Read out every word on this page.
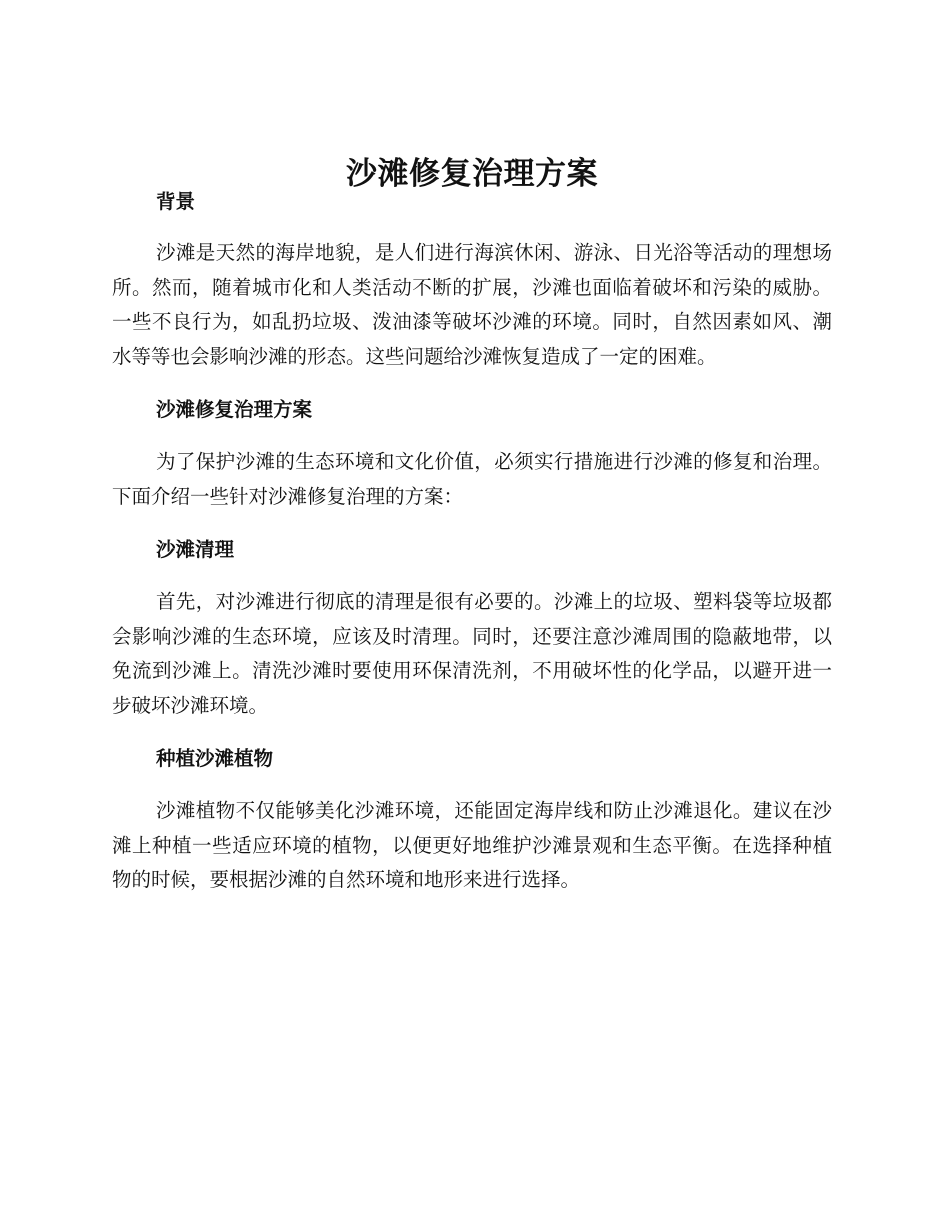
沙滩修复治理方案
背景

沙滩是天然的海岸地貌，是人们进行海滨休闲、游泳、日光浴等活动的理想场所。然而，随着城市化和人类活动不断的扩展，沙滩也面临着破坏和污染的威胁。一些不良行为，如乱扔垃圾、泼油漆等破坏沙滩的环境。同时，自然因素如风、潮水等等也会影响沙滩的形态。这些问题给沙滩恢复造成了一定的困难。

沙滩修复治理方案

为了保护沙滩的生态环境和文化价值，必须实行措施进行沙滩的修复和治理。下面介绍一些针对沙滩修复治理的方案：

沙滩清理

首先，对沙滩进行彻底的清理是很有必要的。沙滩上的垃圾、塑料袋等垃圾都会影响沙滩的生态环境，应该及时清理。同时，还要注意沙滩周围的隐蔽地带，以免流到沙滩上。清洗沙滩时要使用环保清洗剂，不用破坏性的化学品，以避开进一步破坏沙滩环境。

种植沙滩植物

沙滩植物不仅能够美化沙滩环境，还能固定海岸线和防止沙滩退化。建议在沙滩上种植一些适应环境的植物，以便更好地维护沙滩景观和生态平衡。在选择种植物的时候，要根据沙滩的自然环境和地形来进行选择。
